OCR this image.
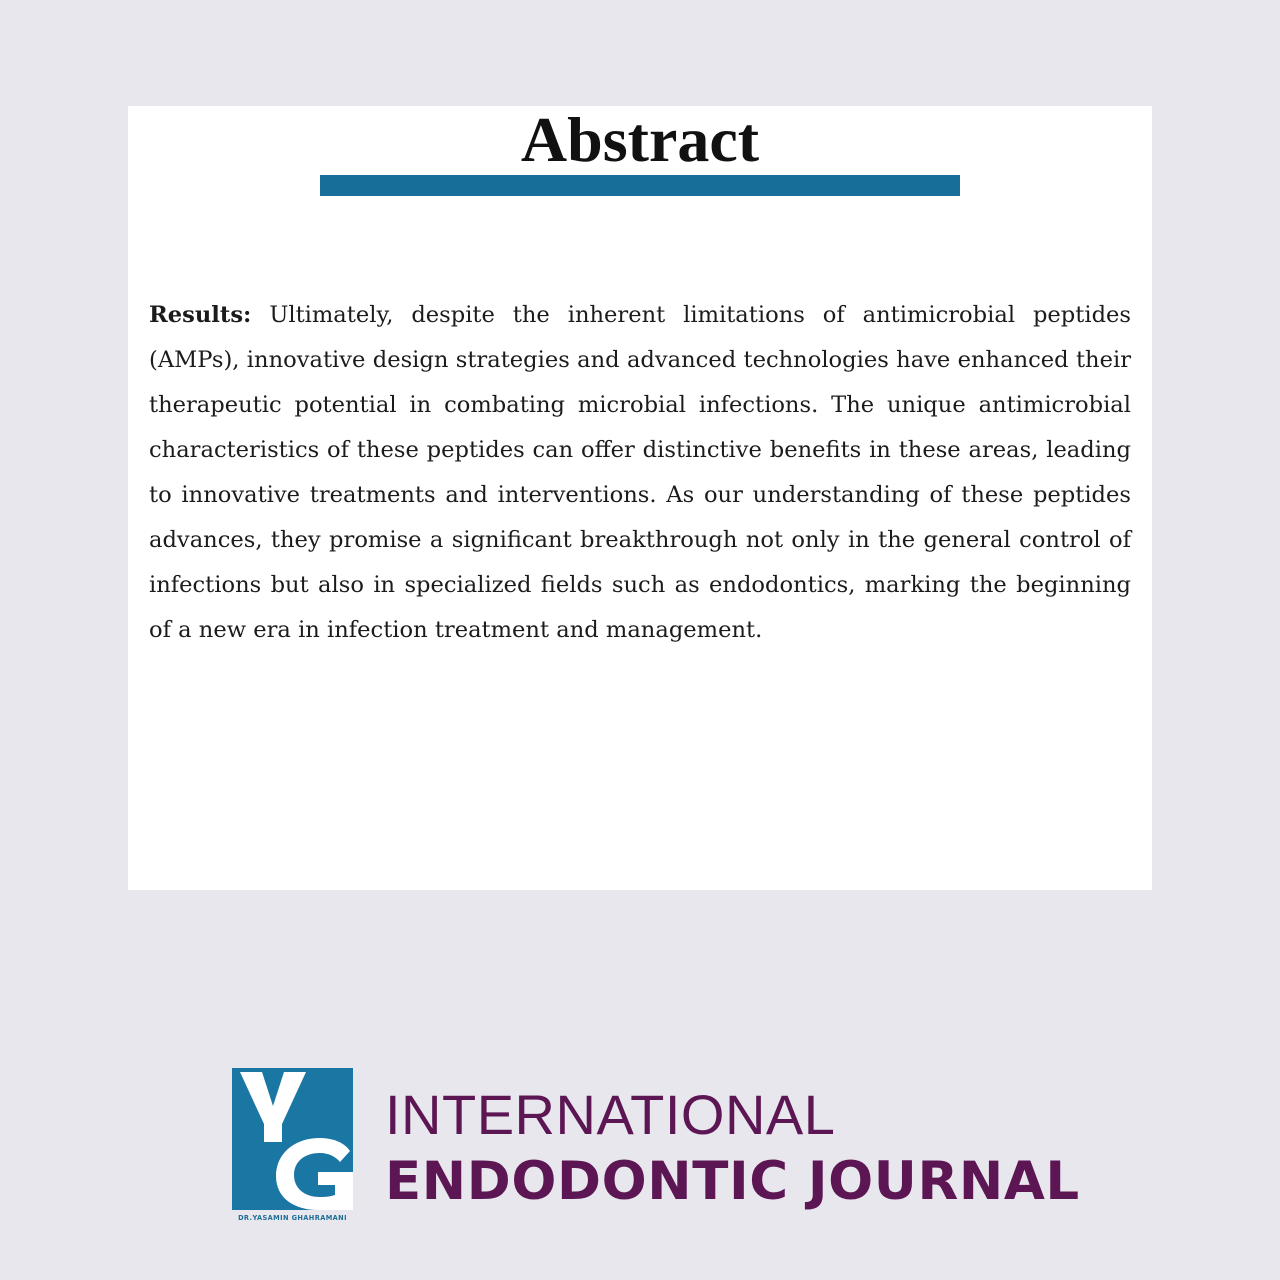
Abstract

Results: Ultimately, despite the inherent limitations of antimicrobial peptides (AMPs), innovative design strategies and advanced technologies have enhanced their therapeutic potential in combating microbial infections. The unique antimicrobial characteristics of these peptides can offer distinctive benefits in these areas, leading to innovative treatments and interventions. As our understanding of these peptides advances, they promise a significant breakthrough not only in the general control of infections but also in specialized fields such as endodontics, marking the beginning of a new era in infection treatment and management.

DR.YASAMIN GHAHRAMANI
INTERNATIONAL
ENDODONTIC JOURNAL
